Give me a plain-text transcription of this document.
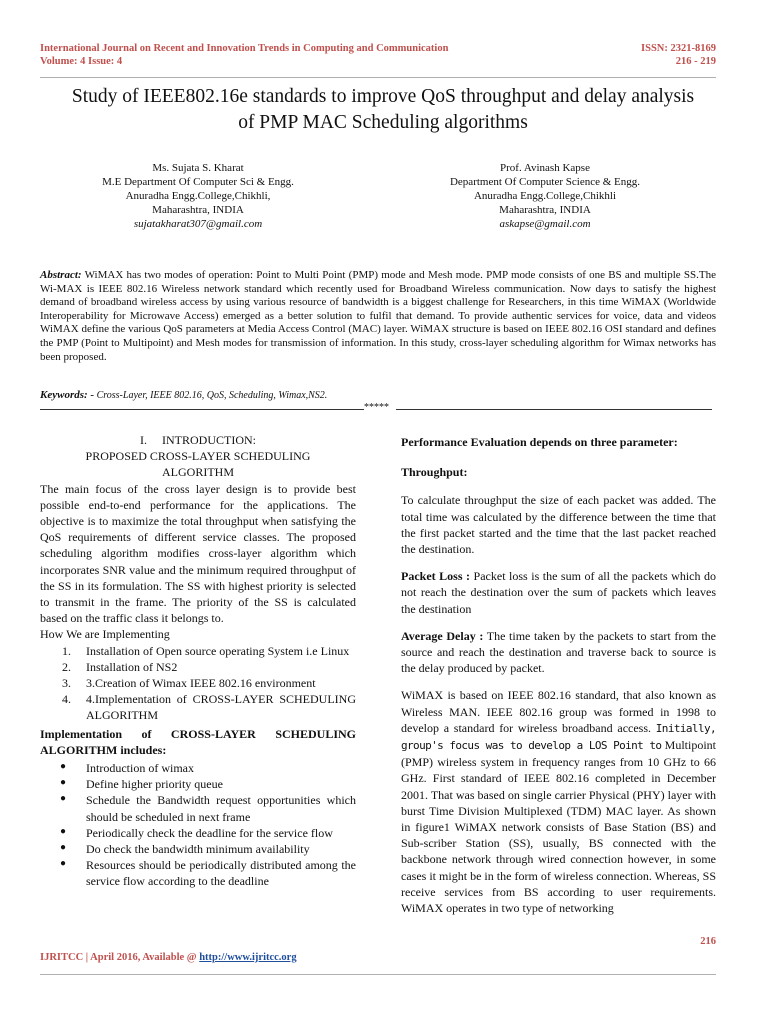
International Journal on Recent and Innovation Trends in Computing and Communication
Volume: 4 Issue: 4
ISSN: 2321-8169
216 - 219
Study of IEEE802.16e standards to improve QoS throughput and delay analysis
of PMP MAC Scheduling algorithms
Ms. Sujata S. Kharat
M.E Department Of Computer Sci & Engg.
Anuradha Engg.College,Chikhli,
Maharashtra, INDIA
sujatakharat307@gmail.com
Prof. Avinash Kapse
Department Of Computer Science & Engg.
Anuradha Engg.College,Chikhli
Maharashtra, INDIA
askapse@gmail.com
Abstract: WiMAX has two modes of operation: Point to Multi Point (PMP) mode and Mesh mode. PMP mode consists of one BS and multiple SS.The Wi-MAX is IEEE 802.16 Wireless network standard which recently used for Broadband Wireless communication. Now days to satisfy the highest demand of broadband wireless access by using various resource of bandwidth is a biggest challenge for Researchers, in this time WiMAX (Worldwide Interoperability for Microwave Access) emerged as a better solution to fulfil that demand. To provide authentic services for voice, data and videos WiMAX define the various QoS parameters at Media Access Control (MAC) layer. WiMAX structure is based on IEEE 802.16 OSI standard and defines the PMP (Point to Multipoint) and Mesh modes for transmission of information. In this study, cross-layer scheduling algorithm for Wimax networks has been proposed.
Keywords: - Cross-Layer, IEEE 802.16, QoS, Scheduling, Wimax,NS2.
*****
I. INTRODUCTION:
PROPOSED CROSS-LAYER SCHEDULING
ALGORITHM

The main focus of the cross layer design is to provide best possible end-to-end performance for the applications. The objective is to maximize the total throughput when satisfying the QoS requirements of different service classes. The proposed scheduling algorithm modifies cross-layer algorithm which incorporates SNR value and the minimum required throughput of the SS in its formulation. The SS with highest priority is selected to transmit in the frame. The priority of the SS is calculated based on the traffic class it belongs to.

How We are Implementing
1. Installation of Open source operating System i.e Linux
2. Installation of NS2
3. 3.Creation of Wimax IEEE 802.16 environment
4. 4.Implementation of CROSS-LAYER SCHEDULING ALGORITHM

Implementation of CROSS-LAYER SCHEDULING ALGORITHM includes:

● Introduction of wimax
● Define higher priority queue
● Schedule the Bandwidth request opportunities which should be scheduled in next frame
● Periodically check the deadline for the service flow
● Do check the bandwidth minimum availability
● Resources should be periodically distributed among the service flow according to the deadline

Performance Evaluation depends on three parameter:

Throughput:

To calculate throughput the size of each packet was added. The total time was calculated by the difference between the time that the first packet started and the time that the last packet reached the destination.

Packet Loss : Packet loss is the sum of all the packets which do not reach the destination over the sum of packets which leaves the destination

Average Delay : The time taken by the packets to start from the source and reach the destination and traverse back to source is the delay produced by packet.

WiMAX is based on IEEE 802.16 standard, that also known as Wireless MAN. IEEE 802.16 group was formed in 1998 to develop a standard for wireless broadband access. Initially, group's focus was to develop a LOS Point to Multipoint (PMP) wireless system in frequency ranges from 10 GHz to 66 GHz. First standard of IEEE 802.16 completed in December 2001. That was based on single carrier Physical (PHY) layer with burst Time Division Multiplexed (TDM) MAC layer. As shown in figure1 WiMAX network consists of Base Station (BS) and Sub-scriber Station (SS), usually, BS connected with the backbone network through wired connection however, in some cases it might be in the form of wireless connection. Whereas, SS receive services from BS according to user requirements. WiMAX operates in two type of networking

216
IJRITCC | April 2016, Available @ http://www.ijritcc.org
